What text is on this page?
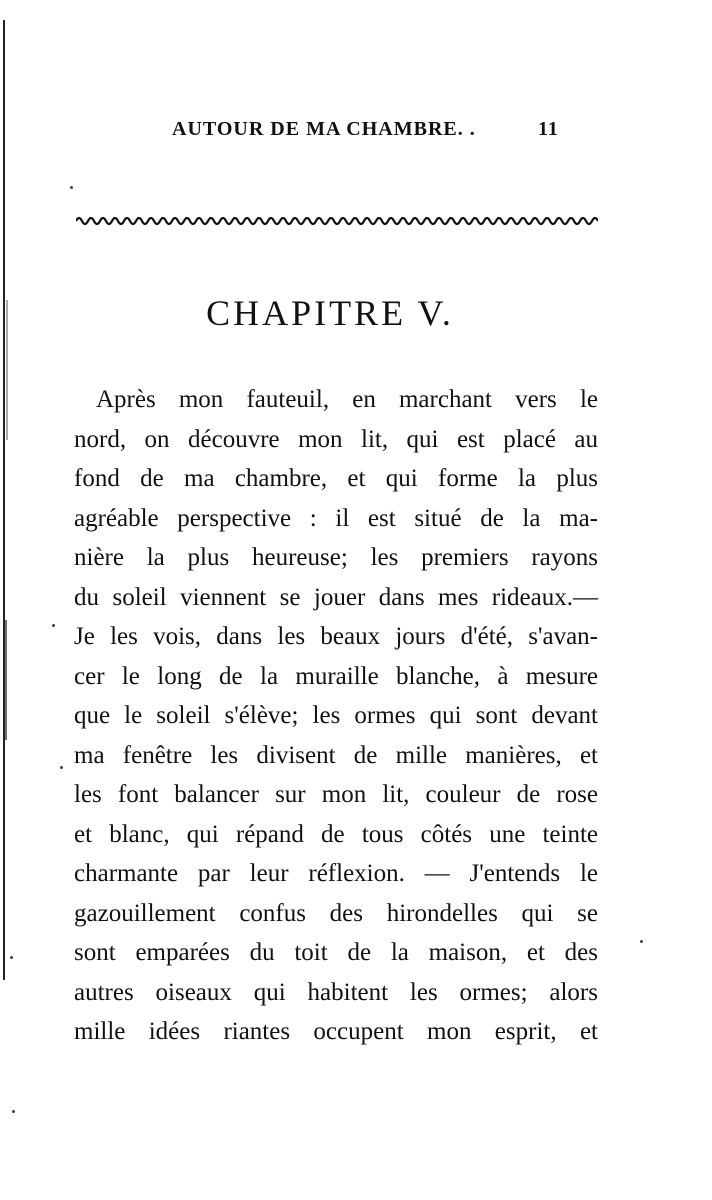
AUTOUR DE MA CHAMBRE. .	11
CHAPITRE V.
Après mon fauteuil, en marchant vers le
nord, on découvre mon lit, qui est placé au
fond de ma chambre, et qui forme la plus
agréable perspective : il est situé de la ma-
nière la plus heureuse; les premiers rayons
du soleil viennent se jouer dans mes rideaux.—
Je les vois, dans les beaux jours d'été, s'avan-
cer le long de la muraille blanche, à mesure
que le soleil s'élève; les ormes qui sont devant
ma fenêtre les divisent de mille manières, et
les font balancer sur mon lit, couleur de rose
et blanc, qui répand de tous côtés une teinte
charmante par leur réflexion. — J'entends le
gazouillement confus des hirondelles qui se
sont emparées du toit de la maison, et des
autres oiseaux qui habitent les ormes; alors
mille idées riantes occupent mon esprit, et
